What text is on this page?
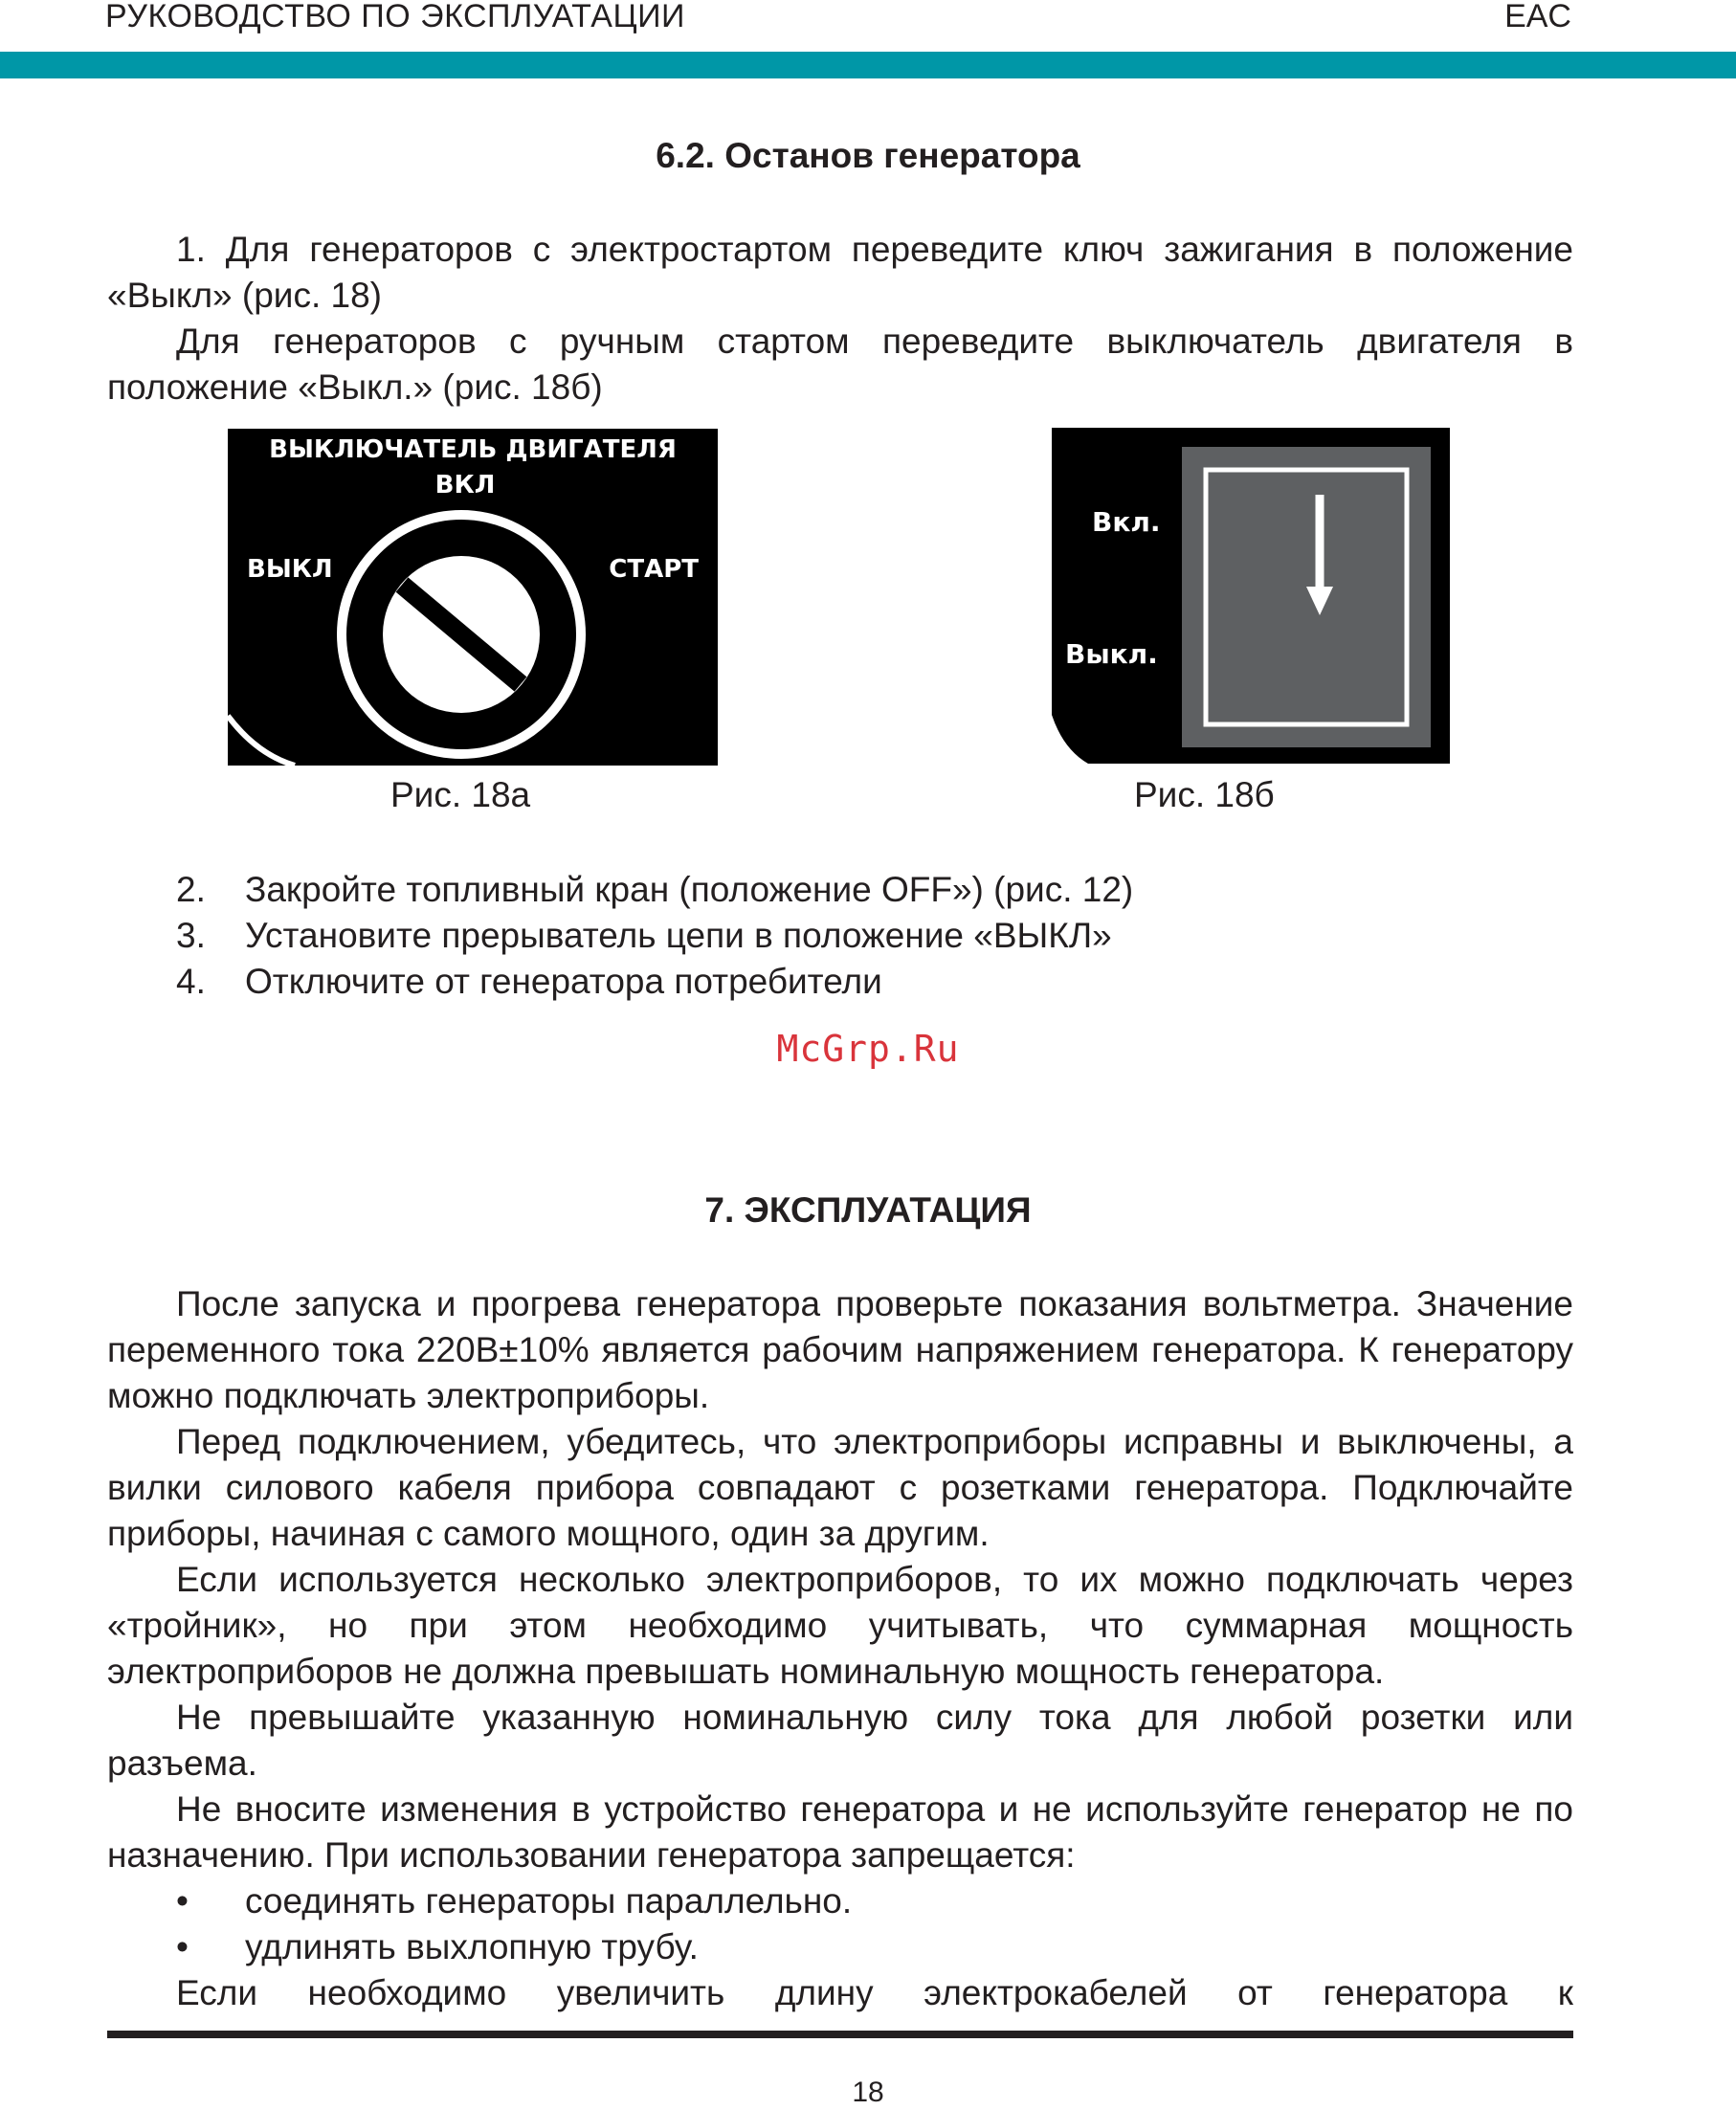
РУКОВОДСТВО ПО ЭКСПЛУАТАЦИИ	EAC
6.2. Останов генератора

1. Для генераторов с электростартом переведите ключ зажигания в положение «Выкл» (рис. 18)

Для генераторов с ручным стартом переведите выключатель двигателя в положение «Выкл.» (рис. 18б)

ВЫКЛЮЧАТЕЛЬ ДВИГАТЕЛЯ
ВКЛ
ВЫКЛ	СТАРТ
Рис. 18а
Вкл.
Выкл.
Рис. 18б
2. Закройте топливный кран (положение OFF») (рис. 12)
3. Установите прерыватель цепи в положение «ВЫКЛ»
4. Отключите от генератора потребители
McGrp.Ru
7. ЭКСПЛУАТАЦИЯ

После запуска и прогрева генератора проверьте показания вольтметра. Значение переменного тока 220В±10% является рабочим напряжением генератора. К генератору можно подключать электроприборы.

Перед подключением, убедитесь, что электроприборы исправны и выключены, а вилки силового кабеля прибора совпадают с розетками генератора. Подключайте приборы, начиная с самого мощного, один за другим.

Если используется несколько электроприборов, то их можно подключать через «тройник», но при этом необходимо учитывать, что суммарная мощность электроприборов не должна превышать номинальную мощность генератора.

Не превышайте указанную номинальную силу тока для любой розетки или разъема.

Не вносите изменения в устройство генератора и не используйте генератор не по назначению. При использовании генератора запрещается:

• соединять генераторы параллельно.
• удлинять выхлопную трубу.

Если необходимо увеличить длину электрокабелей от генератора к

18
